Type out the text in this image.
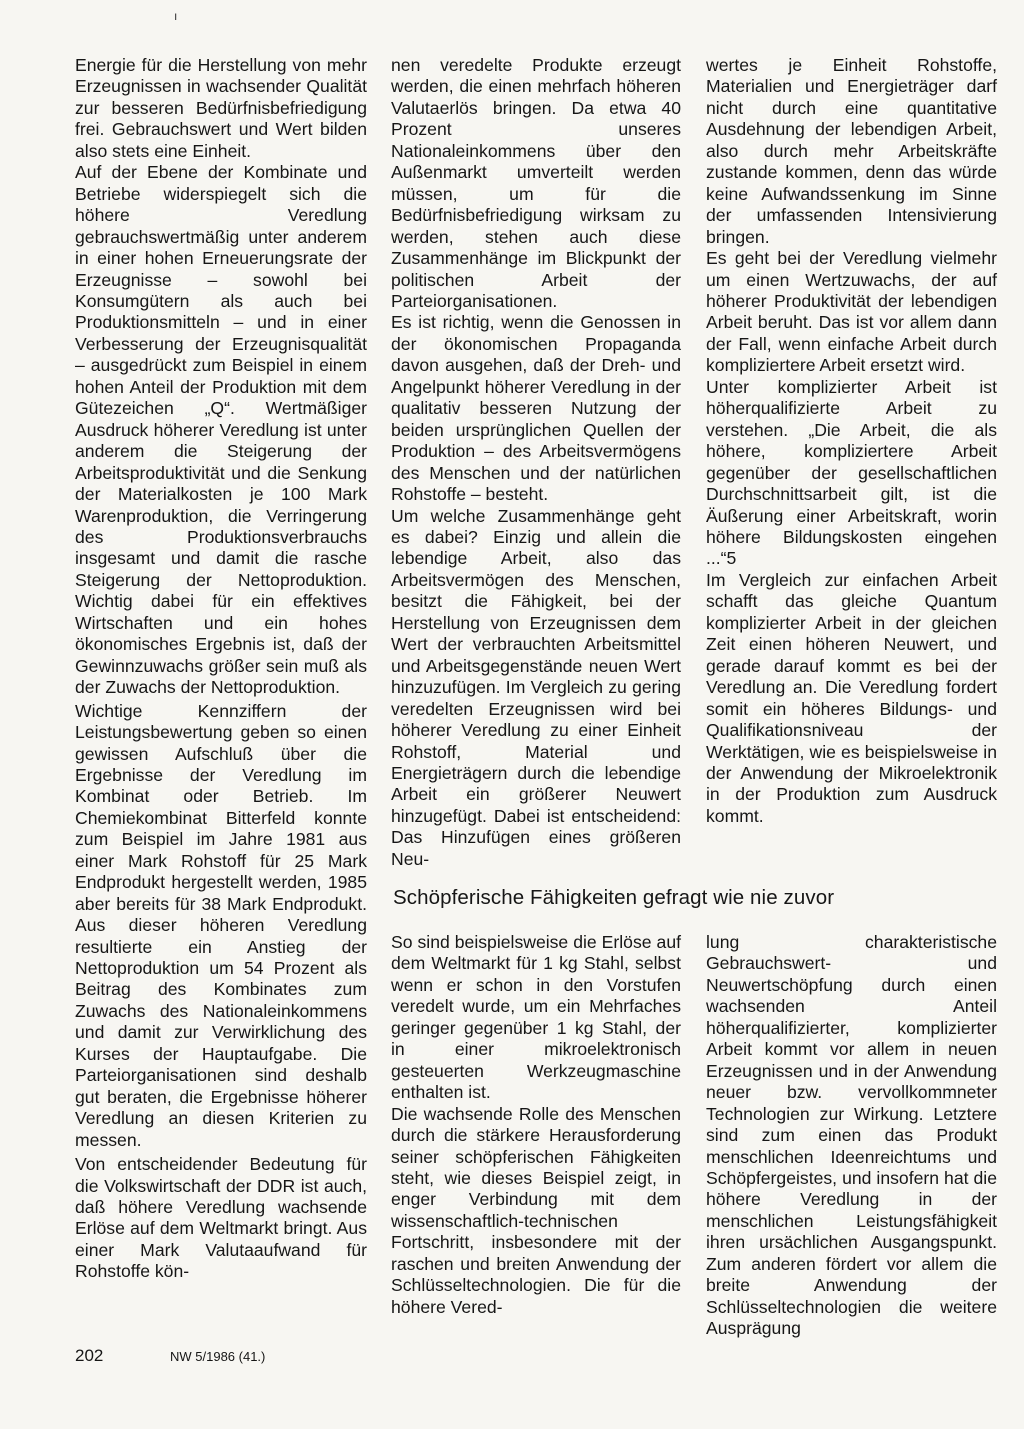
ı

Energie für die Herstellung von mehr Erzeugnissen in wachsender Qualität zur besseren Bedürfnisbefriedigung frei. Gebrauchswert und Wert bilden also stets eine Einheit.

Auf der Ebene der Kombinate und Betriebe widerspiegelt sich die höhere Veredlung gebrauchswertmäßig unter anderem in einer hohen Erneuerungsrate der Erzeugnisse – sowohl bei Konsumgütern als auch bei Produktionsmitteln – und in einer Verbesserung der Erzeugnisqualität – ausgedrückt zum Beispiel in einem hohen Anteil der Produktion mit dem Gütezeichen „Q“. Wertmäßiger Ausdruck höherer Veredlung ist unter anderem die Steigerung der Arbeitsproduktivität und die Senkung der Materialkosten je 100 Mark Warenproduktion, die Verringerung des Produktionsverbrauchs insgesamt und damit die rasche Steigerung der Nettoproduktion. Wichtig dabei für ein effektives Wirtschaften und ein hohes ökonomisches Ergebnis ist, daß der Gewinnzuwachs größer sein muß als der Zuwachs der Nettoproduktion.

Wichtige Kennziffern der Leistungsbewertung geben so einen gewissen Aufschluß über die Ergebnisse der Veredlung im Kombinat oder Betrieb. Im Chemiekombinat Bitterfeld konnte zum Beispiel im Jahre 1981 aus einer Mark Rohstoff für 25 Mark Endprodukt hergestellt werden, 1985 aber bereits für 38 Mark Endprodukt. Aus dieser höheren Veredlung resultierte ein Anstieg der Nettoproduktion um 54 Prozent als Beitrag des Kombinates zum Zuwachs des Nationaleinkommens und damit zur Verwirklichung des Kurses der Hauptaufgabe. Die Parteiorganisationen sind deshalb gut beraten, die Ergebnisse höherer Veredlung an diesen Kriterien zu messen.

Von entscheidender Bedeutung für die Volkswirtschaft der DDR ist auch, daß höhere Veredlung wachsende Erlöse auf dem Weltmarkt bringt. Aus einer Mark Valutaaufwand für Rohstoffe kön-

nen veredelte Produkte erzeugt werden, die einen mehrfach höheren Valutaerlös bringen. Da etwa 40 Prozent unseres Nationaleinkommens über den Außenmarkt umverteilt werden müssen, um für die Bedürfnisbefriedigung wirksam zu werden, stehen auch diese Zusammenhänge im Blickpunkt der politischen Arbeit der Parteiorganisationen.

Es ist richtig, wenn die Genossen in der ökonomischen Propaganda davon ausgehen, daß der Dreh- und Angelpunkt höherer Veredlung in der qualitativ besseren Nutzung der beiden ursprünglichen Quellen der Produktion – des Arbeitsvermögens des Menschen und der natürlichen Rohstoffe – besteht.

Um welche Zusammenhänge geht es dabei? Einzig und allein die lebendige Arbeit, also das Arbeitsvermögen des Menschen, besitzt die Fähigkeit, bei der Herstellung von Erzeugnissen dem Wert der verbrauchten Arbeitsmittel und Arbeitsgegenstände neuen Wert hinzuzufügen. Im Vergleich zu gering veredelten Erzeugnissen wird bei höherer Veredlung zu einer Einheit Rohstoff, Material und Energieträgern durch die lebendige Arbeit ein größerer Neuwert hinzugefügt. Dabei ist entscheidend: Das Hinzufügen eines größeren Neu-

wertes je Einheit Rohstoffe, Materialien und Energieträger darf nicht durch eine quantitative Ausdehnung der lebendigen Arbeit, also durch mehr Arbeitskräfte zustande kommen, denn das würde keine Aufwandssenkung im Sinne der umfassenden Intensivierung bringen.

Es geht bei der Veredlung vielmehr um einen Wertzuwachs, der auf höherer Produktivität der lebendigen Arbeit beruht. Das ist vor allem dann der Fall, wenn einfache Arbeit durch kompliziertere Arbeit ersetzt wird.

Unter komplizierter Arbeit ist höherqualifizierte Arbeit zu verstehen. „Die Arbeit, die als höhere, kompliziertere Arbeit gegenüber der gesellschaftlichen Durchschnittsarbeit gilt, ist die Äußerung einer Arbeitskraft, worin höhere Bildungskosten eingehen ...“5

Im Vergleich zur einfachen Arbeit schafft das gleiche Quantum komplizierter Arbeit in der gleichen Zeit einen höheren Neuwert, und gerade darauf kommt es bei der Veredlung an. Die Veredlung fordert somit ein höheres Bildungs- und Qualifikationsniveau der Werktätigen, wie es beispielsweise in der Anwendung der Mikroelektronik in der Produktion zum Ausdruck kommt.

Schöpferische Fähigkeiten gefragt wie nie zuvor

So sind beispielsweise die Erlöse auf dem Weltmarkt für 1 kg Stahl, selbst wenn er schon in den Vorstufen veredelt wurde, um ein Mehrfaches geringer gegenüber 1 kg Stahl, der in einer mikroelektronisch gesteuerten Werkzeugmaschine enthalten ist.

Die wachsende Rolle des Menschen durch die stärkere Herausforderung seiner schöpferischen Fähigkeiten steht, wie dieses Beispiel zeigt, in enger Verbindung mit dem wissenschaftlich-technischen Fortschritt, insbesondere mit der raschen und breiten Anwendung der Schlüsseltechnologien. Die für die höhere Vered-

lung charakteristische Gebrauchswert- und Neuwertschöpfung durch einen wachsenden Anteil höherqualifizierter, komplizierter Arbeit kommt vor allem in neuen Erzeugnissen und in der Anwendung neuer bzw. vervollkommneter Technologien zur Wirkung. Letztere sind zum einen das Produkt menschlichen Ideenreichtums und Schöpfergeistes, und insofern hat die höhere Veredlung in der menschlichen Leistungsfähigkeit ihren ursächlichen Ausgangspunkt. Zum anderen fördert vor allem die breite Anwendung der Schlüsseltechnologien die weitere Ausprägung

202	NW 5/1986 (41.)
